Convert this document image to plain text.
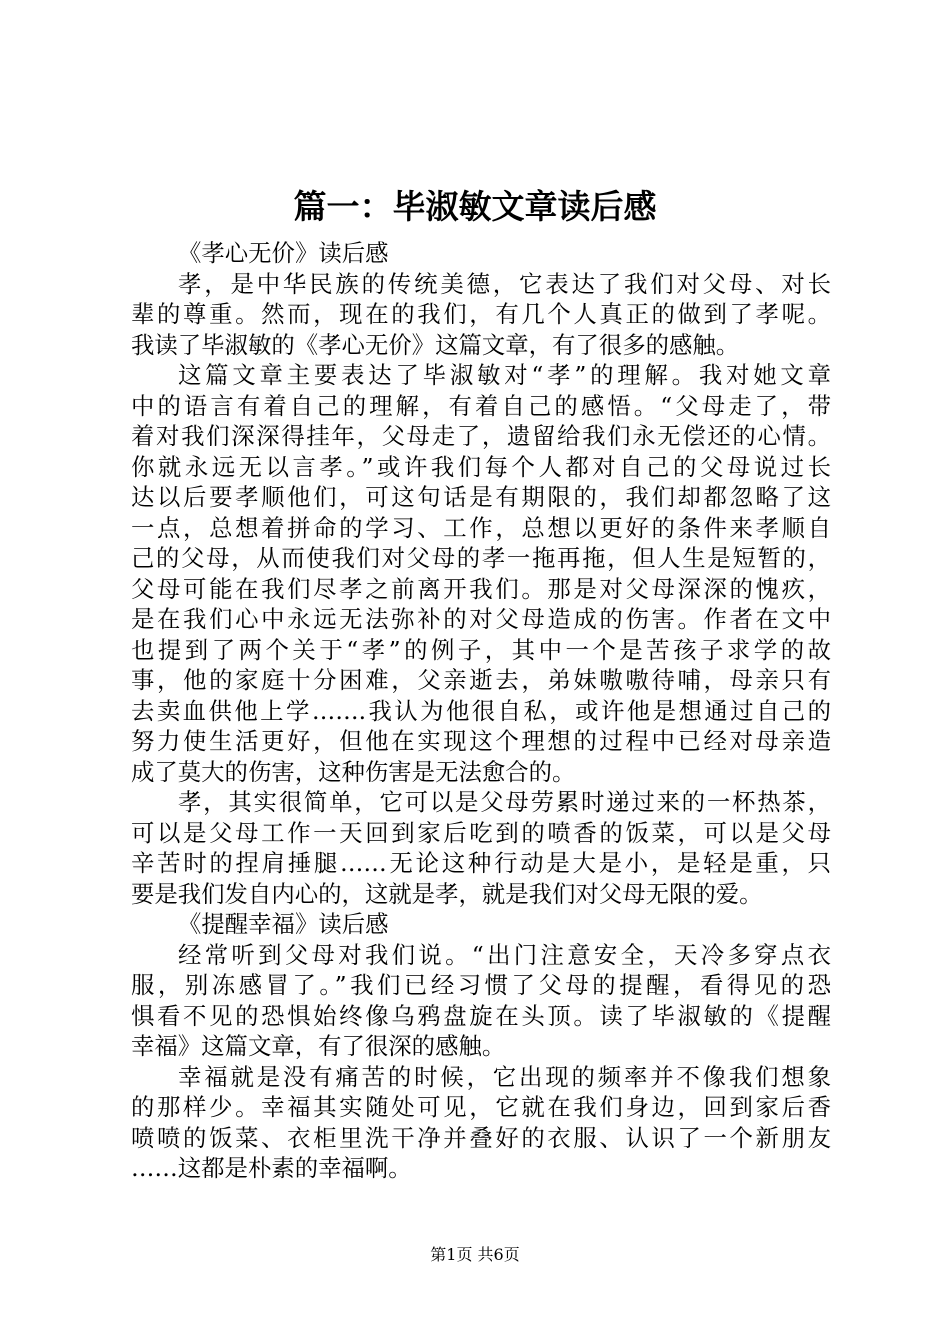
篇一：毕淑敏文章读后感
《孝心无价》读后感
孝，是中华民族的传统美德，它表达了我们对父母、对长
辈的尊重。然而，现在的我们，有几个人真正的做到了孝呢。
我读了毕淑敏的《孝心无价》这篇文章，有了很多的感触。
这篇文章主要表达了毕淑敏对“孝”的理解。我对她文章
中的语言有着自己的理解，有着自己的感悟。“父母走了，带
着对我们深深得挂年，父母走了，遗留给我们永无偿还的心情。
你就永远无以言孝。”或许我们每个人都对自己的父母说过长
达以后要孝顺他们，可这句话是有期限的，我们却都忽略了这
一点，总想着拼命的学习、工作，总想以更好的条件来孝顺自
己的父母，从而使我们对父母的孝一拖再拖，但人生是短暂的，
父母可能在我们尽孝之前离开我们。那是对父母深深的愧疚，
是在我们心中永远无法弥补的对父母造成的伤害。作者在文中
也提到了两个关于“孝”的例子，其中一个是苦孩子求学的故
事，他的家庭十分困难，父亲逝去，弟妹嗷嗷待哺，母亲只有
去卖血供他上学…….我认为他很自私，或许他是想通过自己的
努力使生活更好，但他在实现这个理想的过程中已经对母亲造
成了莫大的伤害，这种伤害是无法愈合的。
孝，其实很简单，它可以是父母劳累时递过来的一杯热茶，
可以是父母工作一天回到家后吃到的喷香的饭菜，可以是父母
辛苦时的捏肩捶腿……无论这种行动是大是小，是轻是重，只
要是我们发自内心的，这就是孝，就是我们对父母无限的爱。
《提醒幸福》读后感
经常听到父母对我们说。“出门注意安全，天冷多穿点衣
服，别冻感冒了。”我们已经习惯了父母的提醒，看得见的恐
惧看不见的恐惧始终像乌鸦盘旋在头顶。读了毕淑敏的《提醒
幸福》这篇文章，有了很深的感触。
幸福就是没有痛苦的时候，它出现的频率并不像我们想象
的那样少。幸福其实随处可见，它就在我们身边，回到家后香
喷喷的饭菜、衣柜里洗干净并叠好的衣服、认识了一个新朋友
……这都是朴素的幸福啊。
第1页 共6页
